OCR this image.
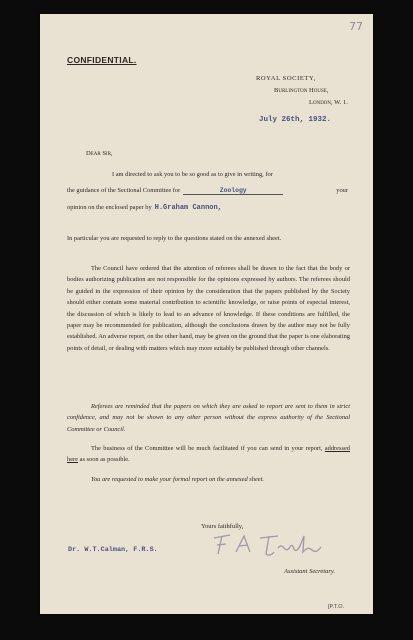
77
CONFIDENTIAL.
ROYAL SOCIETY,
Burlington House,
London, W. 1.
July 26th, 1932.
Dear Sir,
I am directed to ask you to be so good as to give in writing, for
the guidance of the Sectional Committee for	Zoology	your
opinion on the enclosed paper by H.Graham Cannon,
In particular you are requested to reply to the questions stated on the annexed sheet.
The Council have ordered that the attention of referees shall be drawn to the fact that the body or bodies authorizing publication are not responsible for the opinions expressed by authors. The referees should be guided in the expression of their opinion by the consideration that the papers published by the Society should either contain some material contribution to scientific knowledge, or raise points of especial interest, the discussion of which is likely to lead to an advance of knowledge. If these conditions are fulfilled, the paper may be recommended for publication, although the conclusions drawn by the author may not be fully established. An adverse report, on the other hand, may be given on the ground that the paper is one elaborating points of detail, or dealing with matters which may more suitably be published through other channels.
Referees are reminded that the papers on which they are asked to report are sent to them in strict confidence, and may not be shown to any other person without the express authority of the Sectional Committee or Council.
The business of the Committee will be much facilitated if you can send in your report, addressed here as soon as possible.
You are requested to make your formal report on the annexed sheet.
Yours faithfully,
Dr. W.T.Calman, F.R.S.
Assistant Secretary.
[P.T.O.
